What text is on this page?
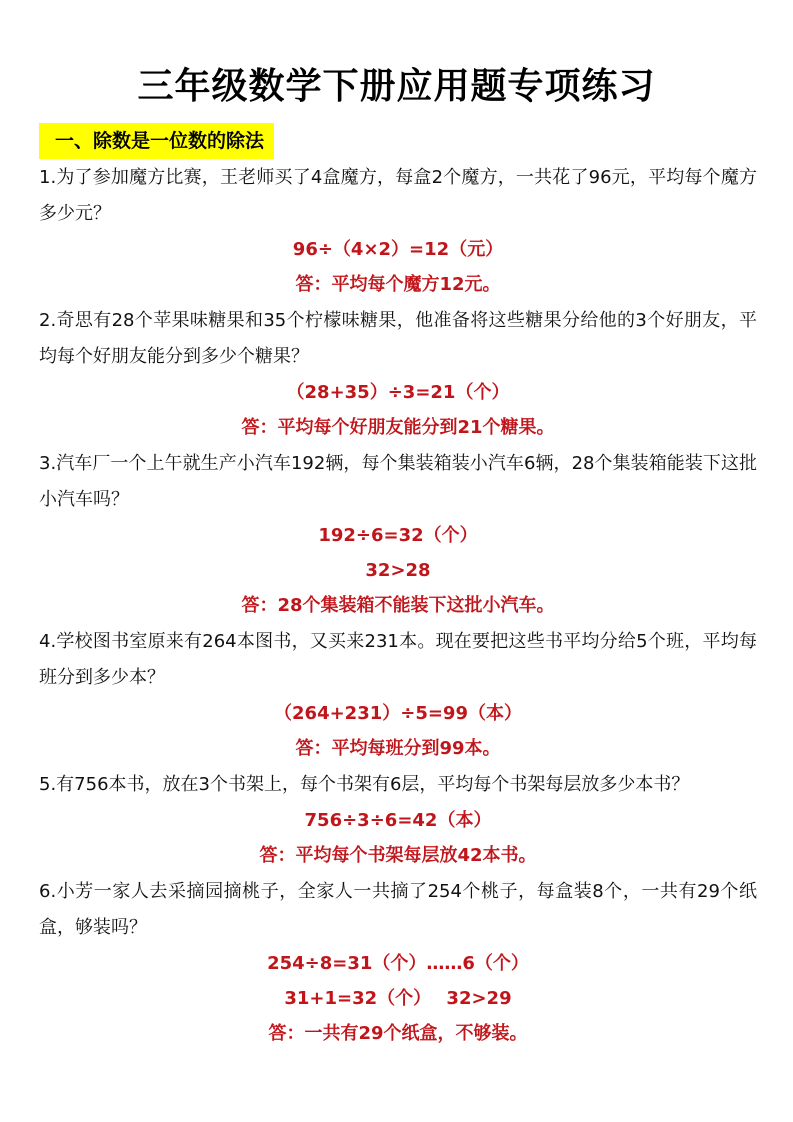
三年级数学下册应用题专项练习
一、除数是一位数的除法
1.为了参加魔方比赛，王老师买了4盒魔方，每盒2个魔方，一共花了96元，平均每个魔方多少元？
96÷（4×2）=12（元）
答：平均每个魔方12元。
2.奇思有28个苹果味糖果和35个柠檬味糖果，他准备将这些糖果分给他的3个好朋友，平均每个好朋友能分到多少个糖果？
（28+35）÷3=21（个）
答：平均每个好朋友能分到21个糖果。
3.汽车厂一个上午就生产小汽车192辆，每个集装箱装小汽车6辆，28个集装箱能装下这批小汽车吗？
192÷6=32（个）
32>28
答：28个集装箱不能装下这批小汽车。
4.学校图书室原来有264本图书，又买来231本。现在要把这些书平均分给5个班，平均每班分到多少本？
（264+231）÷5=99（本）
答：平均每班分到99本。
5.有756本书，放在3个书架上，每个书架有6层，平均每个书架每层放多少本书？
756÷3÷6=42（本）
答：平均每个书架每层放42本书。
6.小芳一家人去采摘园摘桃子，全家人一共摘了254个桃子，每盒装8个，一共有29个纸盒，够装吗？
254÷8=31（个）……6（个）
31+1=32（个）　 32>29
答：一共有29个纸盒，不够装。
